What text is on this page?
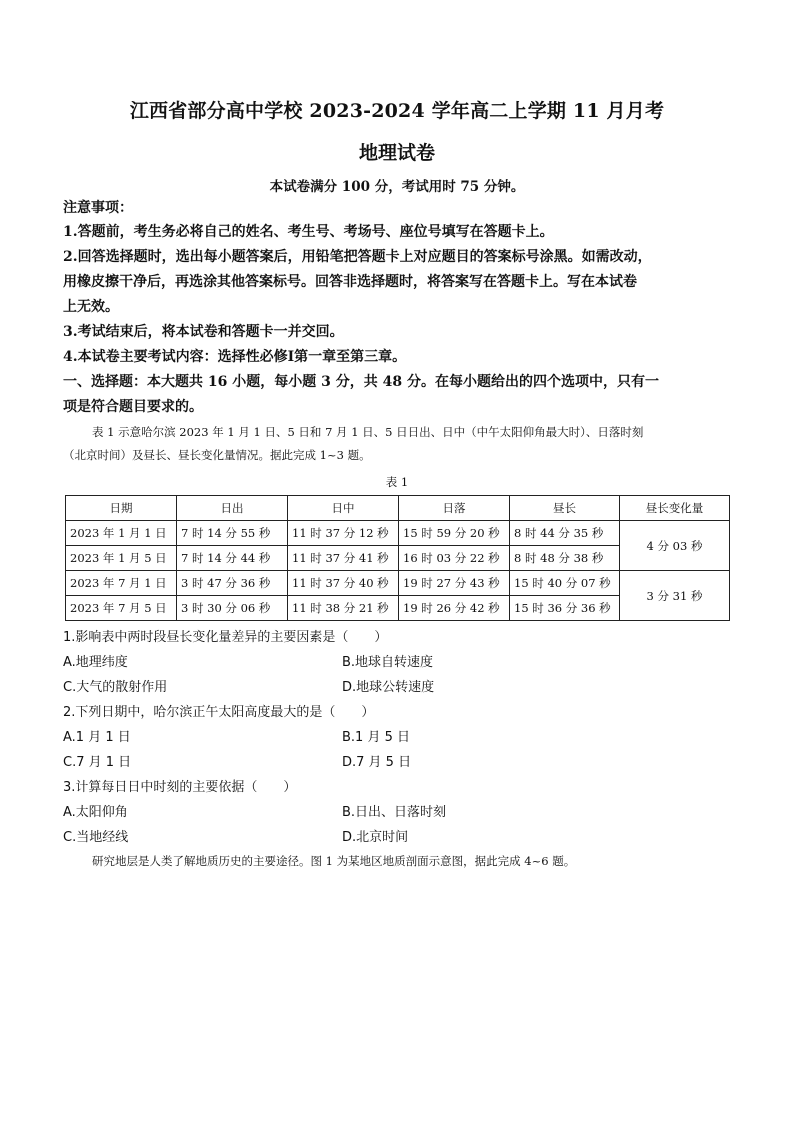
江西省部分高中学校 2023-2024 学年高二上学期 11 月月考
地理试卷
本试卷满分 100 分，考试用时 75 分钟。
注意事项：
1.答题前，考生务必将自己的姓名、考生号、考场号、座位号填写在答题卡上。
2.回答选择题时，选出每小题答案后，用铅笔把答题卡上对应题目的答案标号涂黑。如需改动，
用橡皮擦干净后，再选涂其他答案标号。回答非选择题时，将答案写在答题卡上。写在本试卷
上无效。
3.考试结束后，将本试卷和答题卡一并交回。
4.本试卷主要考试内容：选择性必修Ⅰ第一章至第三章。
一、选择题：本大题共 16 小题，每小题 3 分，共 48 分。在每小题给出的四个选项中，只有一
项是符合题目要求的。
表 1 示意哈尔滨 2023 年 1 月 1 日、5 日和 7 月 1 日、5 日日出、日中（中午太阳仰角最大时）、日落时刻
（北京时间）及昼长、昼长变化量情况。据此完成 1~3 题。
表 1
日期	日出	日中	日落	昼长	昼长变化量
2023 年 1 月 1 日	7 时 14 分 55 秒	11 时 37 分 12 秒	15 时 59 分 20 秒	8 时 44 分 35 秒	4 分 03 秒
2023 年 1 月 5 日	7 时 14 分 44 秒	11 时 37 分 41 秒	16 时 03 分 22 秒	8 时 48 分 38 秒	
2023 年 7 月 1 日	3 时 47 分 36 秒	11 时 37 分 40 秒	19 时 27 分 43 秒	15 时 40 分 07 秒	3 分 31 秒
2023 年 7 月 5 日	3 时 30 分 06 秒	11 时 38 分 21 秒	19 时 26 分 42 秒	15 时 36 分 36 秒	
1.影响表中两时段昼长变化量差异的主要因素是（　　）
A.地理纬度	B.地球自转速度
C.大气的散射作用	D.地球公转速度
2.下列日期中，哈尔滨正午太阳高度最大的是（　　）
A.1 月 1 日	B.1 月 5 日
C.7 月 1 日	D.7 月 5 日
3.计算每日日中时刻的主要依据（　　）
A.太阳仰角	B.日出、日落时刻
C.当地经线	D.北京时间
研究地层是人类了解地质历史的主要途径。图 1 为某地区地质剖面示意图，据此完成 4~6 题。
